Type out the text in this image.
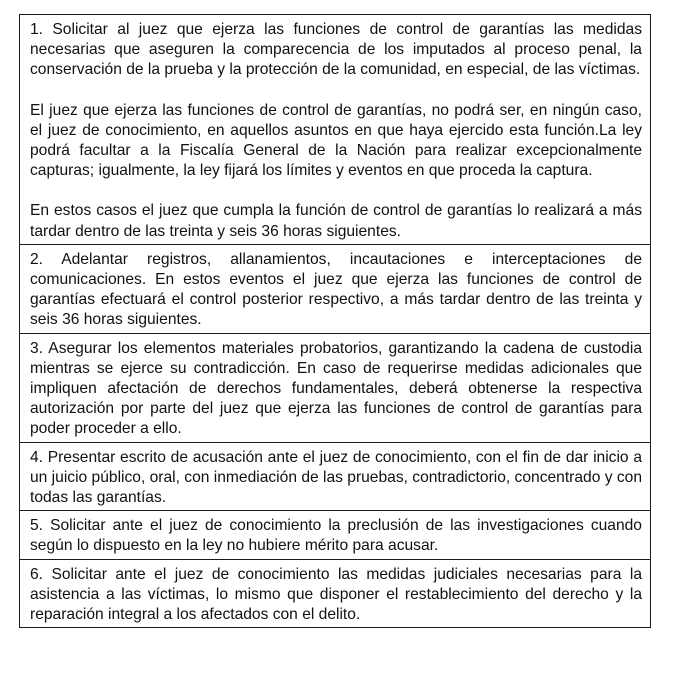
1. Solicitar al juez que ejerza las funciones de control de garantías las medidas necesarias que aseguren la comparecencia de los imputados al proceso penal, la conservación de la prueba y la protección de la comunidad, en especial, de las víctimas.

El juez que ejerza las funciones de control de garantías, no podrá ser, en ningún caso, el juez de conocimiento, en aquellos asuntos en que haya ejercido esta función.La ley podrá facultar a la Fiscalía General de la Nación para realizar excepcionalmente capturas; igualmente, la ley fijará los límites y eventos en que proceda la captura.

En estos casos el juez que cumpla la función de control de garantías lo realizará a más tardar dentro de las treinta y seis 36 horas siguientes.

2. Adelantar registros, allanamientos, incautaciones e interceptaciones de comunicaciones. En estos eventos el juez que ejerza las funciones de control de garantías efectuará el control posterior respectivo, a más tardar dentro de las treinta y seis 36 horas siguientes.

3. Asegurar los elementos materiales probatorios, garantizando la cadena de custodia mientras se ejerce su contradicción. En caso de requerirse medidas adicionales que impliquen afectación de derechos fundamentales, deberá obtenerse la respectiva autorización por parte del juez que ejerza las funciones de control de garantías para poder proceder a ello.

4. Presentar escrito de acusación ante el juez de conocimiento, con el fin de dar inicio a un juicio público, oral, con inmediación de las pruebas, contradictorio, concentrado y con todas las garantías.

5. Solicitar ante el juez de conocimiento la preclusión de las investigaciones cuando según lo dispuesto en la ley no hubiere mérito para acusar.

6. Solicitar ante el juez de conocimiento las medidas judiciales necesarias para la asistencia a las víctimas, lo mismo que disponer el restablecimiento del derecho y la reparación integral a los afectados con el delito.
